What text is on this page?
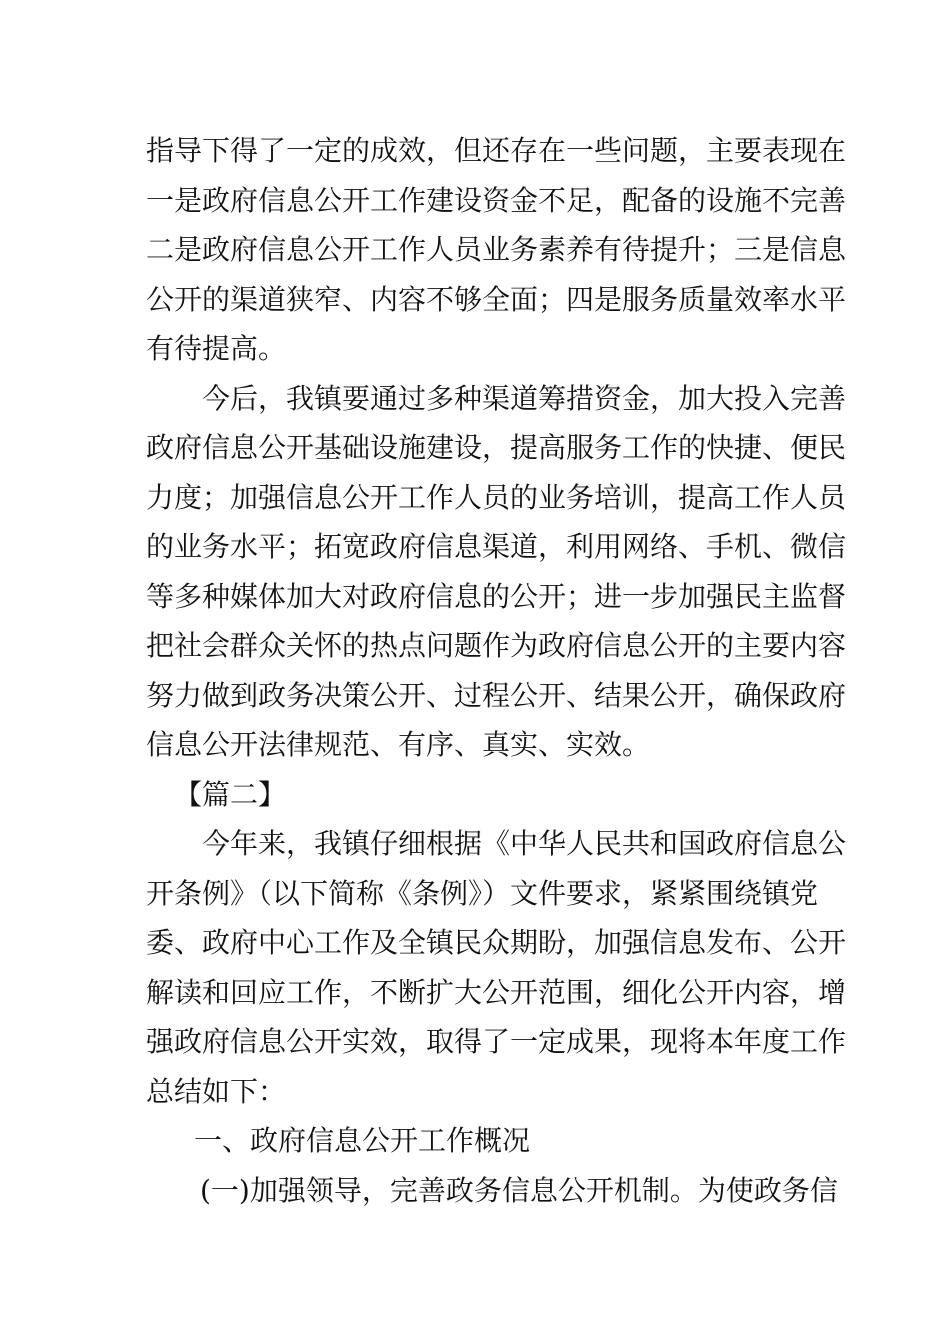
指导下得了一定的成效，但还存在一些问题，主要表现在
一是政府信息公开工作建设资金不足，配备的设施不完善
二是政府信息公开工作人员业务素养有待提升；三是信息
公开的渠道狭窄、内容不够全面；四是服务质量效率水平
有待提高。
今后，我镇要通过多种渠道筹措资金，加大投入完善
政府信息公开基础设施建设，提高服务工作的快捷、便民
力度；加强信息公开工作人员的业务培训，提高工作人员
的业务水平；拓宽政府信息渠道，利用网络、手机、微信
等多种媒体加大对政府信息的公开；进一步加强民主监督
把社会群众关怀的热点问题作为政府信息公开的主要内容
努力做到政务决策公开、过程公开、结果公开，确保政府
信息公开法律规范、有序、真实、实效。
【篇二】
今年来，我镇仔细根据《中华人民共和国政府信息公
开条例》（以下简称《条例》）文件要求，紧紧围绕镇党
委、政府中心工作及全镇民众期盼，加强信息发布、公开
解读和回应工作，不断扩大公开范围，细化公开内容，增
强政府信息公开实效，取得了一定成果，现将本年度工作
总结如下：
一、政府信息公开工作概况
(一)加强领导，完善政务信息公开机制。为使政务信
